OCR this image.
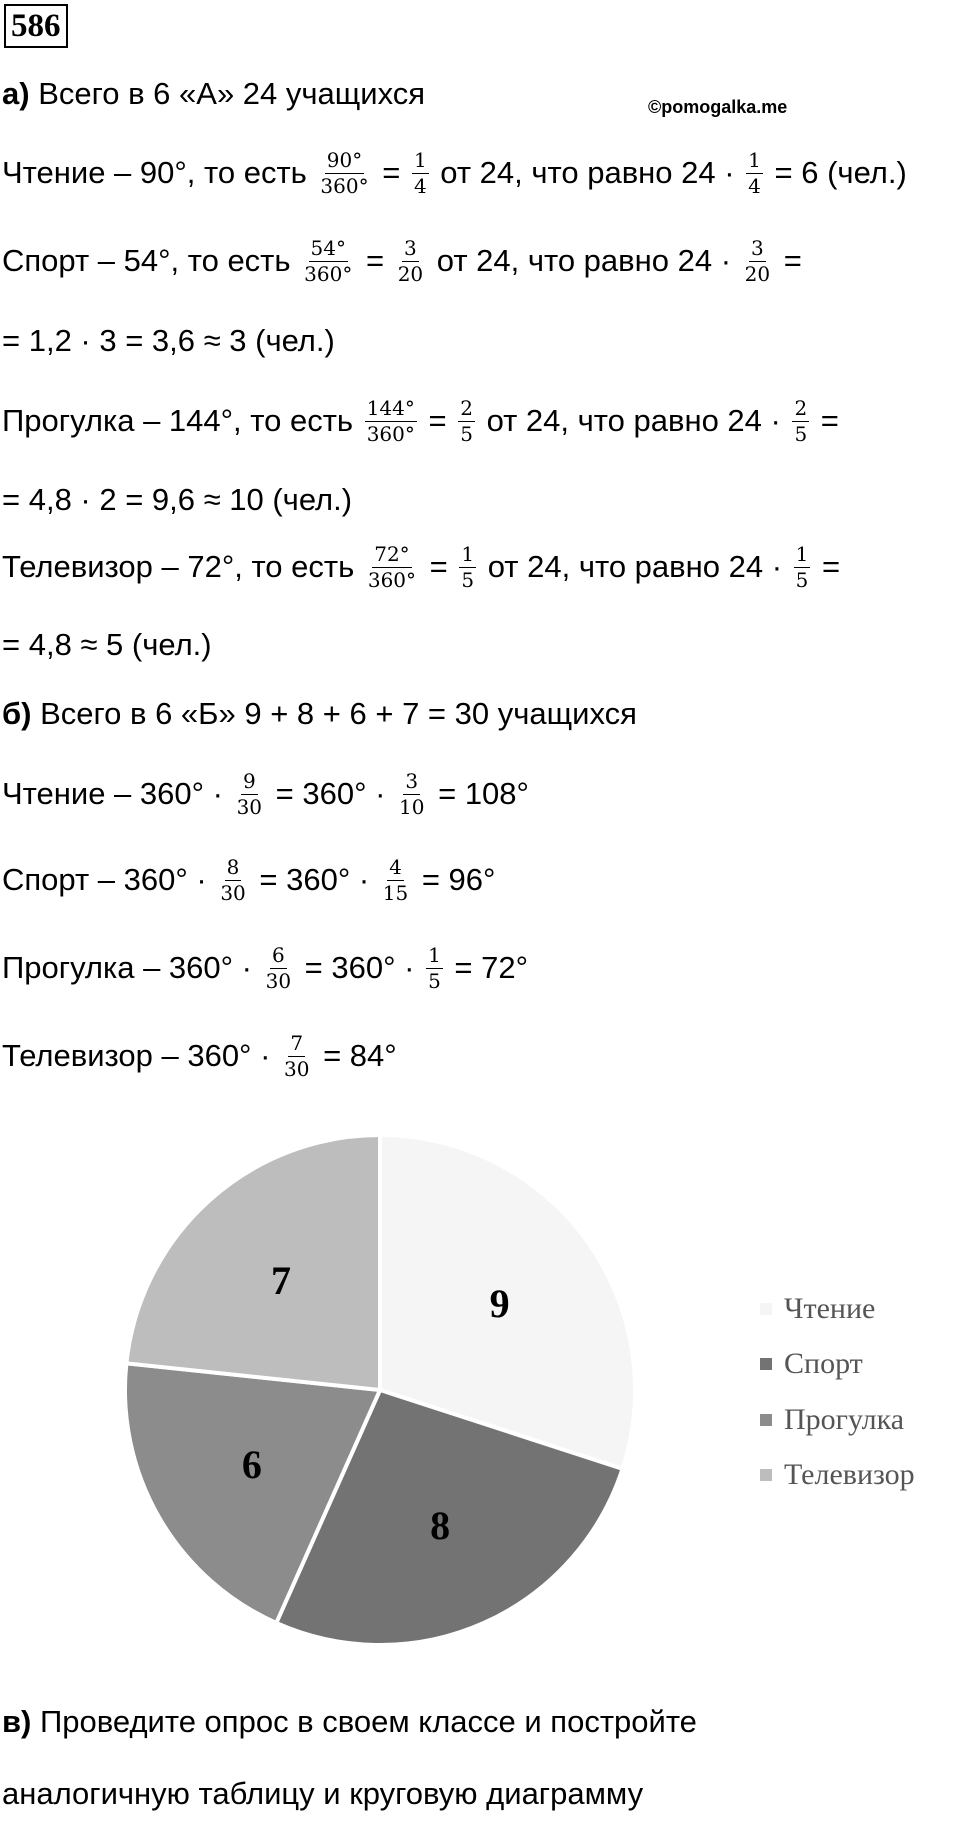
586
©pomogalka.me
а) Всего в 6 «А» 24 учащихся
Чтение – 90°, то есть $\frac{90^\circ}{360^\circ} = \frac{1}{4}$ от 24, что равно $24 \cdot \frac{1}{4} = 6$ (чел.)
Спорт – 54°, то есть $\frac{54^\circ}{360^\circ} = \frac{3}{20}$ от 24, что равно $24 \cdot \frac{3}{20}$ =
= 1,2 · 3 = 3,6 ≈ 3 (чел.)
Прогулка – 144°, то есть $\frac{144^\circ}{360^\circ} = \frac{2}{5}$ от 24, что равно $24 \cdot \frac{2}{5}$ =
= 4,8 · 2 = 9,6 ≈ 10 (чел.)
Телевизор – 72°, то есть $\frac{72^\circ}{360^\circ} = \frac{1}{5}$ от 24, что равно $24 \cdot \frac{1}{5}$ =
= 4,8 ≈ 5 (чел.)
б) Всего в 6 «Б» 9 + 8 + 6 + 7 = 30 учащихся
Чтение – $360^\circ \cdot \frac{9}{30} = 360^\circ \cdot \frac{3}{10} = 108^\circ$
Спорт – $360^\circ \cdot \frac{8}{30} = 360^\circ \cdot \frac{4}{15} = 96^\circ$
Прогулка – $360^\circ \cdot \frac{6}{30} = 360^\circ \cdot \frac{1}{5} = 72^\circ$
Телевизор – $360^\circ \cdot \frac{7}{30} = 84^\circ$
9
8
6
7
Чтение
Спорт
Прогулка
Телевизор
в) Проведите опрос в своем классе и постройте
аналогичную таблицу и круговую диаграмму
